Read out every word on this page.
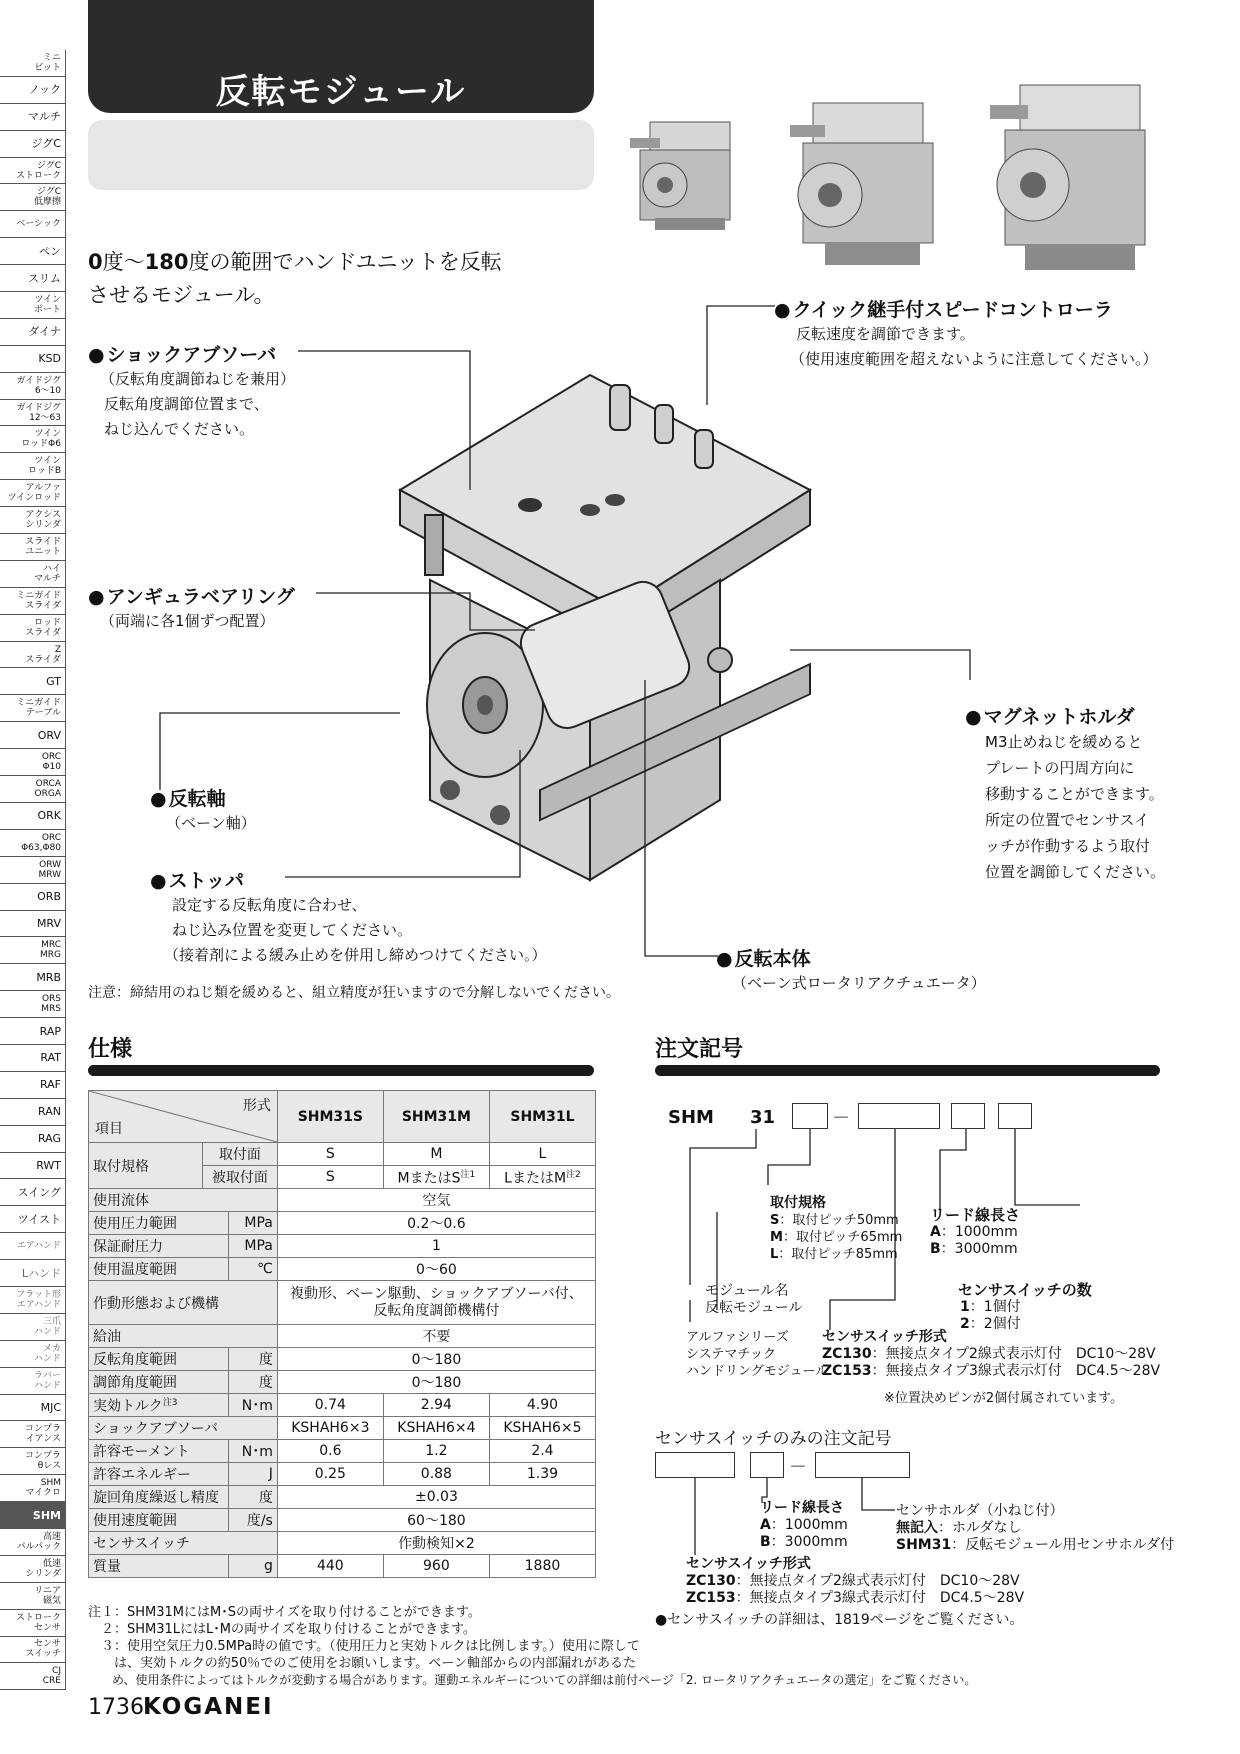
ミニ
ビット
ノック
マルチ
ジグC
ジグC
ストローク
ジグC
低摩擦
ベーシック
ペン
スリム
ツイン
ポート
ダイナ
KSD
ガイドジグ
6～10
ガイドジグ
12～63
ツイン
ロッドΦ6
ツイン
ロッドB
アルファ
ツインロッド
アクシス
シリンダ
スライド
ユニット
ハイ
マルチ
ミニガイド
スライダ
ロッド
スライダ
Z
スライダ
GT
ミニガイド
テーブル
ORV
ORC
Φ10
ORCA
ORGA
ORK
ORC
Φ63,Φ80
ORW
MRW
ORB
MRV
MRC
MRG
MRB
ORS
MRS
RAP
RAT
RAF
RAN
RAG
RWT
スイング
ツイスト
エアハンド
Lハンド
フラット形
エアハンド
三爪
ハンド
メカ
ハンド
ラバー
ハンド
MJC
コンプラ
イアンス
コンプラ
θレス
SHM
マイクロ
SHM
高速
パルパック
低速
シリンダ
リニア
磁気
ストローク
センサ
センサ
スイッチ
CJ
CRE
反転モジュール
0度～180度の範囲でハンドユニットを反転
させるモジュール。
● クイック継手付スピードコントローラ
反転速度を調節できます。
（使用速度範囲を超えないように注意してください。）
● ショックアブソーバ
（反転角度調節ねじを兼用）
反転角度調節位置まで、
ねじ込んでください。
● アンギュラベアリング
（両端に各1個ずつ配置）
● マグネットホルダ
M3止めねじを緩めると
プレートの円周方向に
移動することができます。
所定の位置でセンサスイ
ッチが作動するよう取付
位置を調節してください。
● 反転軸
（ベーン軸）
● ストッパ
設定する反転角度に合わせ、
ねじ込み位置を変更してください。
（接着剤による緩み止めを併用し締めつけてください。）	● 反転本体
（ベーン式ロータリアクチュエータ）
注意：締結用のねじ類を緩めると、組立精度が狂いますので分解しないでください。
仕様
形式
項目			SHM31S	SHM31M	SHM31L
取付規格	取付面		S	M	L
	被取付面		S	Mまたは$S^{注1}$	Lまたは$M^{注2}$
使用流体			空気		
使用圧力範囲		MPa	0.2～0.6		
保証耐圧力		MPa	1		
使用温度範囲		℃	0～60		
作動形態および機構			複動形、ベーン駆動、ショックアブソーバ付、
反転角度調節機構付		

給油			不要		
反転角度範囲		度	0～180		
調節角度範囲		度	0～180		
実効トルク$^{注3}$		N･m	0.74	2.94	4.90
ショックアブソーバ			KSHAH6×3	KSHAH6×4	KSHAH6×5
許容モーメント		N･m	0.6	1.2	2.4
許容エネルギー		J	0.25	0.88	1.39
旋回角度繰返し精度		度	±0.03		
使用速度範囲		度/s	60～180		
センサスイッチ			作動検知×2		
質量		g	440	960	1880
注１：SHM31MにはM･Sの両サイズを取り付けることができます。
　２：SHM31LにはL･Mの両サイズを取り付けることができます。
　３：使用空気圧力0.5MPa時の値です。（使用圧力と実効トルクは比例します。）使用に際して
　　は、実効トルクの約50％でのご使用をお願いします。ベーン軸部からの内部漏れがあるた
　　め、使用条件によってはトルクが変動する場合があります。運動エネルギーについての詳細は前付ページ「2. ロータリアクチュエータの選定」をご覧ください。
注文記号
SHM 31	－
取付規格
S：取付ピッチ50mm
M：取付ピッチ65mm
L：取付ピッチ85mm
リード線長さ
A：1000mm
B：3000mm
モジュール名
反転モジュール
センサスイッチの数
1：1個付
2：2個付
アルファシリーズ
システマチック
ハンドリングモジュール
センサスイッチ形式
ZC130：無接点タイプ2線式表示灯付　DC10～28V
ZC153：無接点タイプ3線式表示灯付　DC4.5～28V
※位置決めピンが2個付属されています。
センサスイッチのみの注文記号
－
リード線長さ
A：1000mm
B：3000mm
センサホルダ（小ねじ付）
無記入：ホルダなし
SHM31：反転モジュール用センサホルダ付
センサスイッチ形式
ZC130：無接点タイプ2線式表示灯付　DC10～28V
ZC153：無接点タイプ3線式表示灯付　DC4.5～28V
●センサスイッチの詳細は、1819ページをご覧ください。
1736 KOGANEI
